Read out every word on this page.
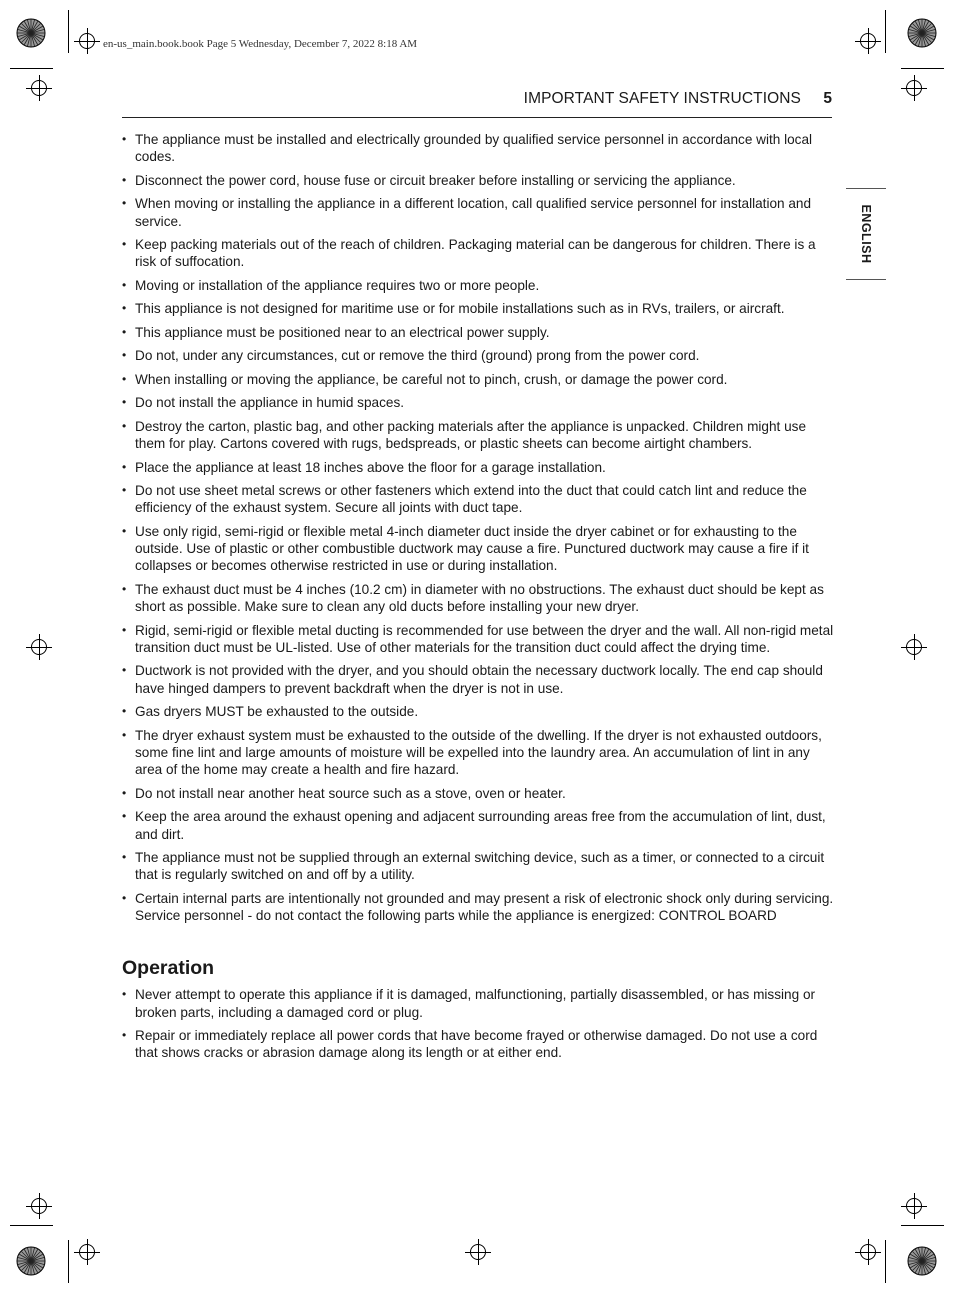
en-us_main.book.book Page 5 Wednesday, December 7, 2022 8:18 AM
IMPORTANT SAFETY INSTRUCTIONS 5
ENGLISH
• The appliance must be installed and electrically grounded by qualified service personnel in accordance with local codes.
• Disconnect the power cord, house fuse or circuit breaker before installing or servicing the appliance.
• When moving or installing the appliance in a different location, call qualified service personnel for installation and service.
• Keep packing materials out of the reach of children. Packaging material can be dangerous for children. There is a risk of suffocation.
• Moving or installation of the appliance requires two or more people.
• This appliance is not designed for maritime use or for mobile installations such as in RVs, trailers, or aircraft.
• This appliance must be positioned near to an electrical power supply.
• Do not, under any circumstances, cut or remove the third (ground) prong from the power cord.
• When installing or moving the appliance, be careful not to pinch, crush, or damage the power cord.
• Do not install the appliance in humid spaces.
• Destroy the carton, plastic bag, and other packing materials after the appliance is unpacked. Children might use them for play. Cartons covered with rugs, bedspreads, or plastic sheets can become airtight chambers.
• Place the appliance at least 18 inches above the floor for a garage installation.
• Do not use sheet metal screws or other fasteners which extend into the duct that could catch lint and reduce the efficiency of the exhaust system. Secure all joints with duct tape.
• Use only rigid, semi-rigid or flexible metal 4-inch diameter duct inside the dryer cabinet or for exhausting to the outside. Use of plastic or other combustible ductwork may cause a fire. Punctured ductwork may cause a fire if it collapses or becomes otherwise restricted in use or during installation.
• The exhaust duct must be 4 inches (10.2 cm) in diameter with no obstructions. The exhaust duct should be kept as short as possible. Make sure to clean any old ducts before installing your new dryer.
• Rigid, semi-rigid or flexible metal ducting is recommended for use between the dryer and the wall. All non-rigid metal transition duct must be UL-listed. Use of other materials for the transition duct could affect the drying time.
• Ductwork is not provided with the dryer, and you should obtain the necessary ductwork locally. The end cap should have hinged dampers to prevent backdraft when the dryer is not in use.
• Gas dryers MUST be exhausted to the outside.
• The dryer exhaust system must be exhausted to the outside of the dwelling. If the dryer is not exhausted outdoors, some fine lint and large amounts of moisture will be expelled into the laundry area. An accumulation of lint in any area of the home may create a health and fire hazard.
• Do not install near another heat source such as a stove, oven or heater.
• Keep the area around the exhaust opening and adjacent surrounding areas free from the accumulation of lint, dust, and dirt.
• The appliance must not be supplied through an external switching device, such as a timer, or connected to a circuit that is regularly switched on and off by a utility.
• Certain internal parts are intentionally not grounded and may present a risk of electronic shock only during servicing. Service personnel - do not contact the following parts while the appliance is energized: CONTROL BOARD
Operation
• Never attempt to operate this appliance if it is damaged, malfunctioning, partially disassembled, or has missing or broken parts, including a damaged cord or plug.
• Repair or immediately replace all power cords that have become frayed or otherwise damaged. Do not use a cord that shows cracks or abrasion damage along its length or at either end.
